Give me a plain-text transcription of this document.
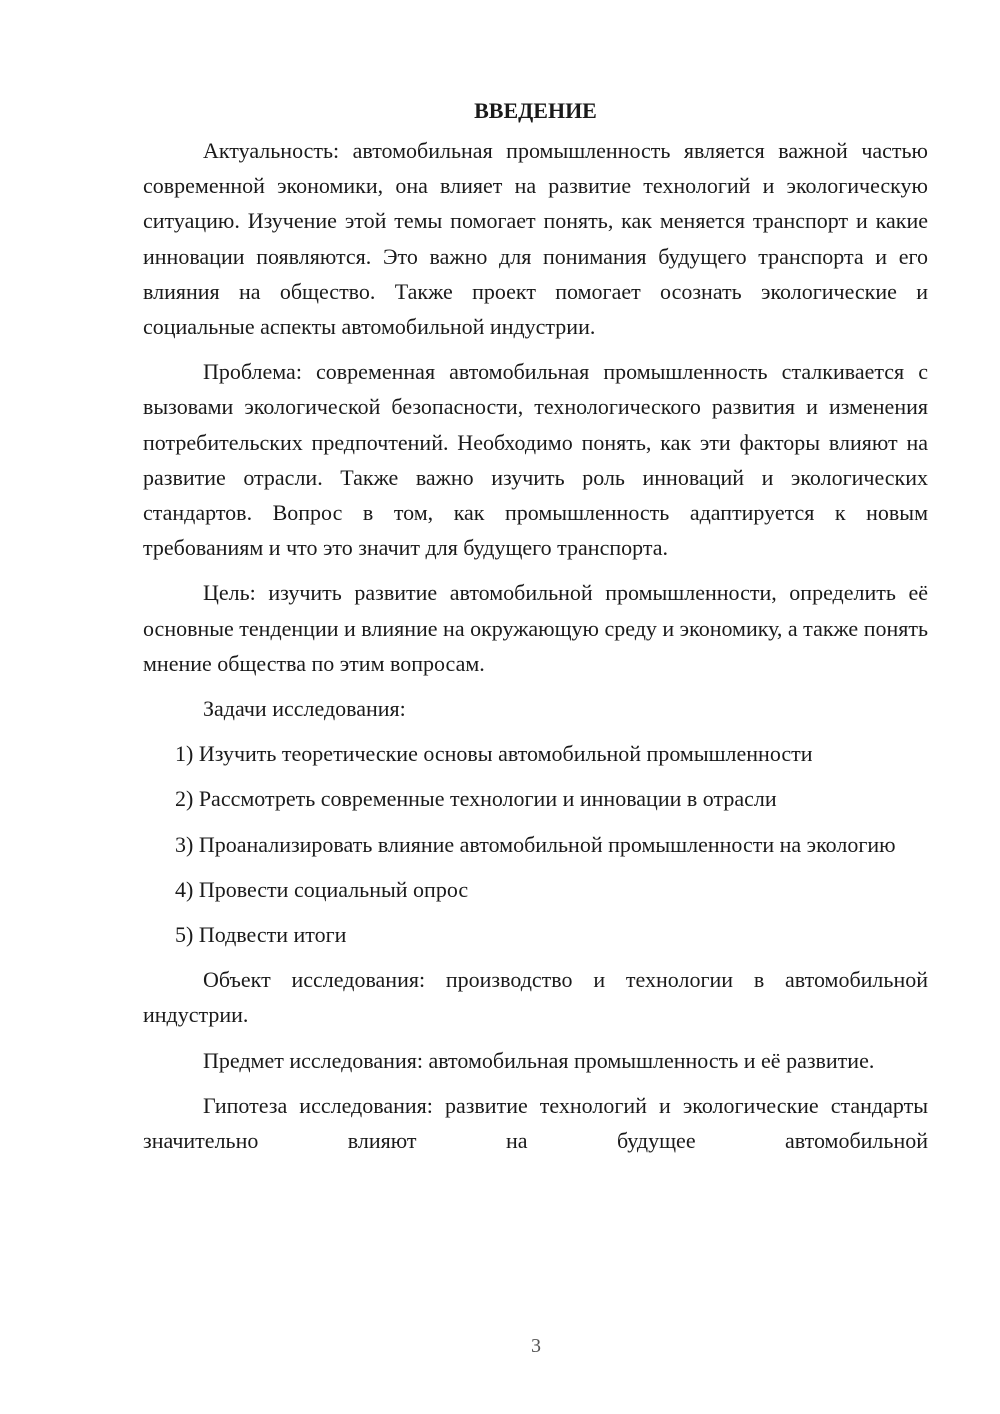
ВВЕДЕНИЕ

Актуальность: автомобильная промышленность является важной частью современной экономики, она влияет на развитие технологий и экологическую ситуацию. Изучение этой темы помогает понять, как меняется транспорт и какие инновации появляются. Это важно для понимания будущего транспорта и его влияния на общество. Также проект помогает осознать экологические и социальные аспекты автомобильной индустрии.

Проблема: современная автомобильная промышленность сталкивается с вызовами экологической безопасности, технологического развития и изменения потребительских предпочтений. Необходимо понять, как эти факторы влияют на развитие отрасли. Также важно изучить роль инноваций и экологических стандартов. Вопрос в том, как промышленность адаптируется к новым требованиям и что это значит для будущего транспорта.

Цель: изучить развитие автомобильной промышленности, определить её основные тенденции и влияние на окружающую среду и экономику, а также понять мнение общества по этим вопросам.

Задачи исследования:

1) Изучить теоретические основы автомобильной промышленности

2) Рассмотреть современные технологии и инновации в отрасли

3) Проанализировать влияние автомобильной промышленности на экологию

4) Провести социальный опрос

5) Подвести итоги

Объект исследования: производство и технологии в автомобильной индустрии.

Предмет исследования: автомобильная промышленность и её развитие.

Гипотеза исследования: развитие технологий и экологические стандарты значительно влияют на будущее автомобильной

3
